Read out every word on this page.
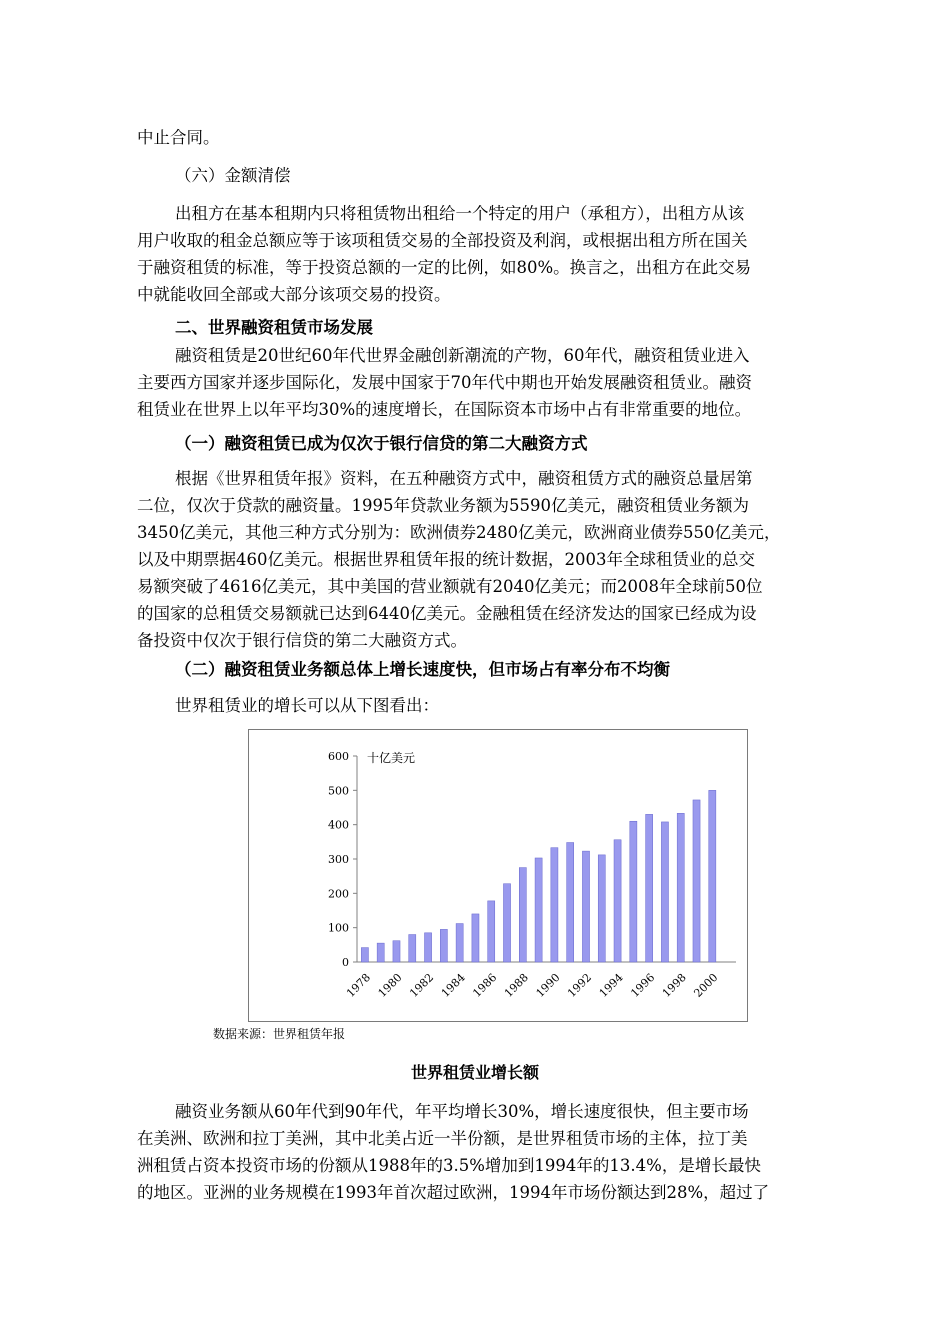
中止合同。
（六）金额清偿
出租方在基本租期内只将租赁物出租给一个特定的用户（承租方），出租方从该
用户收取的租金总额应等于该项租赁交易的全部投资及利润，或根据出租方所在国关
于融资租赁的标准，等于投资总额的一定的比例，如80%。换言之，出租方在此交易
中就能收回全部或大部分该项交易的投资。
二、世界融资租赁市场发展
融资租赁是20世纪60年代世界金融创新潮流的产物，60年代，融资租赁业进入
主要西方国家并逐步国际化，发展中国家于70年代中期也开始发展融资租赁业。融资
租赁业在世界上以年平均30%的速度增长，在国际资本市场中占有非常重要的地位。
（一）融资租赁已成为仅次于银行信贷的第二大融资方式
根据《世界租赁年报》资料，在五种融资方式中，融资租赁方式的融资总量居第
二位，仅次于贷款的融资量。1995年贷款业务额为5590亿美元，融资租赁业务额为
3450亿美元，其他三种方式分别为：欧洲债券2480亿美元，欧洲商业债券550亿美元，
以及中期票据460亿美元。根据世界租赁年报的统计数据，2003年全球租赁业的总交
易额突破了4616亿美元，其中美国的营业额就有2040亿美元；而2008年全球前50位
的国家的总租赁交易额就已达到6440亿美元。金融租赁在经济发达的国家已经成为设
备投资中仅次于银行信贷的第二大融资方式。
（二）融资租赁业务额总体上增长速度快，但市场占有率分布不均衡
世界租赁业的增长可以从下图看出：
0
100
200
300
400
500
600 十亿美元
1978 1980 1982 1984 1986 1988 1990 1992 1994 1996 1998 2000
数据来源：世界租赁年报
世界租赁业增长额
融资业务额从60年代到90年代，年平均增长30%，增长速度很快，但主要市场
在美洲、欧洲和拉丁美洲，其中北美占近一半份额，是世界租赁市场的主体，拉丁美
洲租赁占资本投资市场的份额从1988年的3.5%增加到1994年的13.4%，是增长最快
的地区。亚洲的业务规模在1993年首次超过欧洲，1994年市场份额达到28%，超过了
